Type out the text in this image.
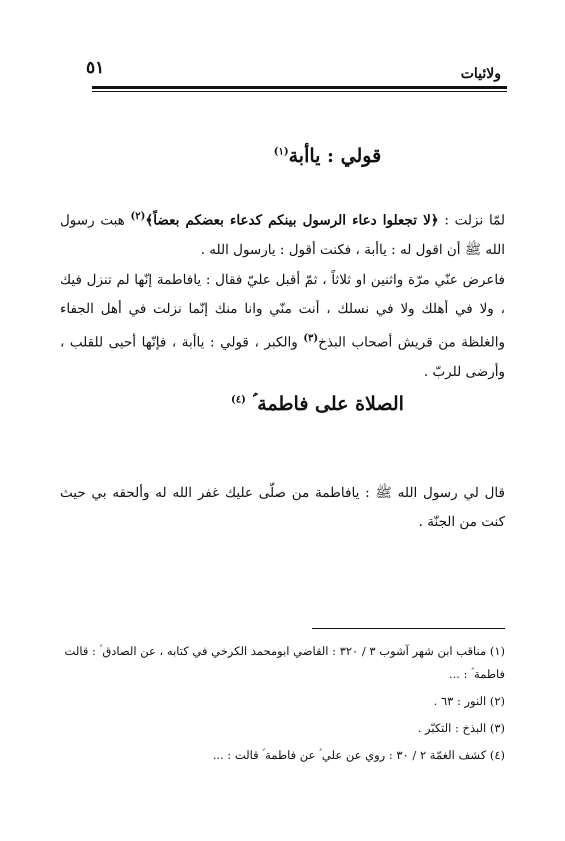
٥١	ولائيات
قولي : ياأبة$^{(١)}$
لمّا نزلت : ﴿لا تجعلوا دعاء الرسول بينكم كدعاء بعضكم بعضاً﴾$^{(٢)}$ هبت رسول الله ﷺ أن اقول له : ياأبة ، فكنت أقول : يارسول الله .
فاعرض عنّي مرّة واثنين او ثلاثاً ، ثمّ أقبل عليّ فقال : يافاطمة إنّها لم تنزل فيك ، ولا في أهلك ولا في نسلك ، أنت منّي وانا منك إنّما نزلت في أهل الجفاء والغلظة من قريش أصحاب البذخ$^{(٣)}$ والكبر ، قولي : ياأبة ، فإنّها أحيى للقلب ، وأرضى للربّ .
الصلاة على فاطمة ؑ $^{(٤)}$
قال لي رسول الله ﷺ : يافاطمة من صلّى عليك غفر الله له وألحقه بي حيث كنت من الجنّة .

(١) مناقب ابن شهر آشوب ٣ / ٣٢٠ : القاضي ابومحمد الكرخي في كتابه ، عن الصادق ؑ : قالت فاطمة ؑ : ...

(٢) النور : ٦٣ .

(٣) البذخ : التكبّر .

(٤) كشف الغمّة ٢ / ٣٠ : روي عن علي ؑ عن فاطمة ؑ قالت : ...
